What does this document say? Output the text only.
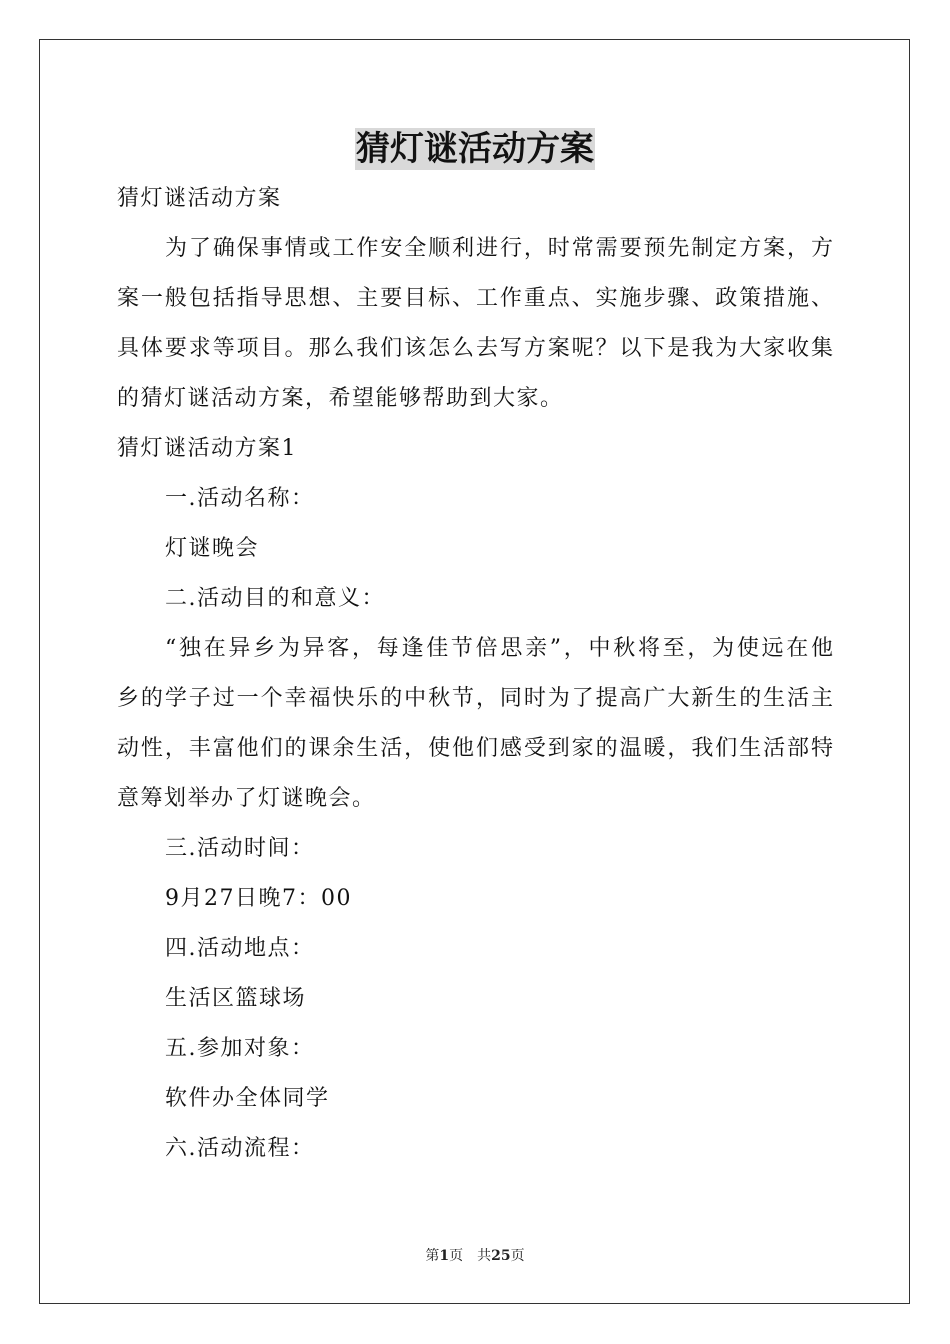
猜灯谜活动方案
猜灯谜活动方案
为了确保事情或工作安全顺利进行，时常需要预先制定方案，方
案一般包括指导思想、主要目标、工作重点、实施步骤、政策措施、
具体要求等项目。那么我们该怎么去写方案呢？以下是我为大家收集
的猜灯谜活动方案，希望能够帮助到大家。
猜灯谜活动方案1
一.活动名称：
灯谜晚会
二.活动目的和意义：
“独在异乡为异客，每逢佳节倍思亲”，中秋将至，为使远在他
乡的学子过一个幸福快乐的中秋节，同时为了提高广大新生的生活主
动性，丰富他们的课余生活，使他们感受到家的温暖，我们生活部特
意筹划举办了灯谜晚会。
三.活动时间：
9月27日晚7：00
四.活动地点：
生活区篮球场
五.参加对象：
软件办全体同学
六.活动流程：
第1页 共25页
